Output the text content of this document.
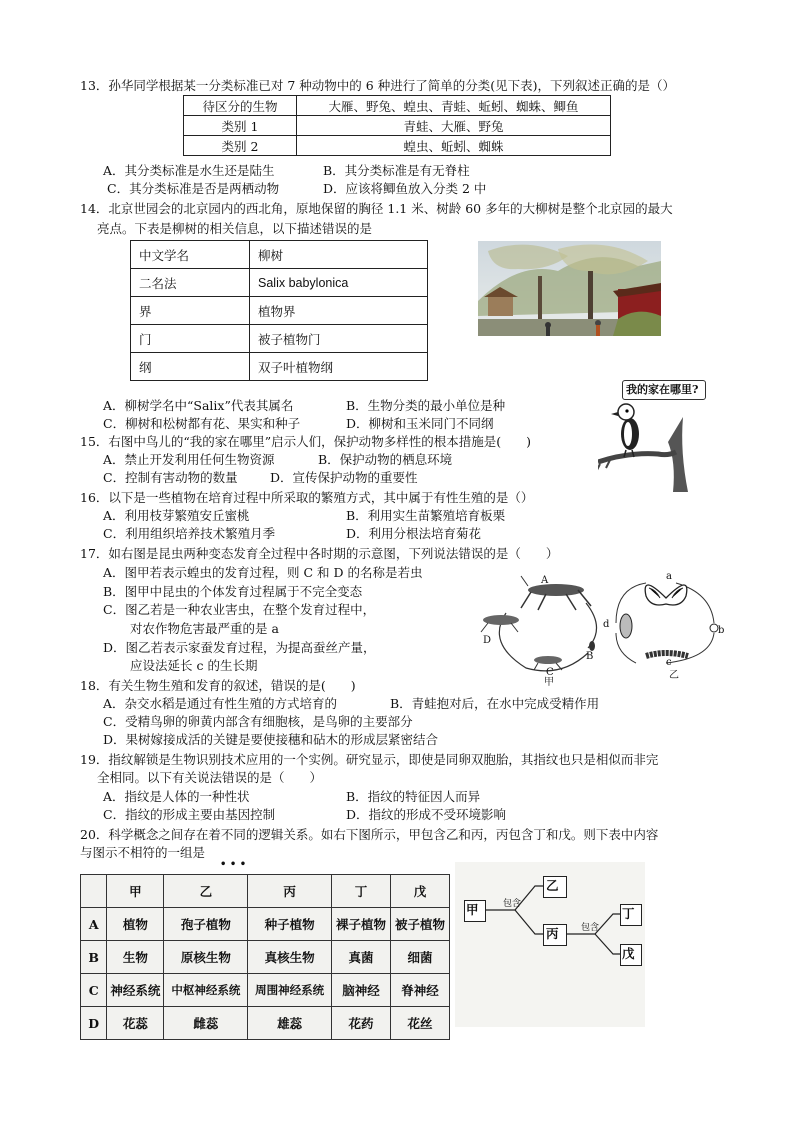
13．孙华同学根据某一分类标准已对 7 种动物中的 6 种进行了简单的分类(见下表)，下列叙述正确的是（）
待区分的生物	大雁、野兔、蝗虫、青蛙、蚯蚓、蜘蛛、鲫鱼
类别 1	青蛙、大雁、野兔
类别 2	蝗虫、蚯蚓、蜘蛛
A．其分类标准是水生还是陆生	B．其分类标准是有无脊柱
C．其分类标准是否是两栖动物	D．应该将鲫鱼放入分类 2 中
14．北京世园会的北京园内的西北角，原地保留的胸径 1.1 米、树龄 60 多年的大柳树是整个北京园的最大
亮点。下表是柳树的相关信息，以下描述错误的是
中文学名	柳树
二名法	Salix babylonica
界	植物界
门	被子植物门
纲	双子叶植物纲
A．柳树学名中“Salix”代表其属名	B．生物分类的最小单位是种
C．柳树和松树都有花、果实和种子	D．柳树和玉米同门不同纲
我的家在哪里?
15．右图中鸟儿的“我的家在哪里”启示人们，保护动物多样性的根本措施是(　　)
A．禁止开发利用任何生物资源	B．保护动物的栖息环境
C．控制有害动物的数量	D．宣传保护动物的重要性
16．以下是一些植物在培育过程中所采取的繁殖方式，其中属于有性生殖的是（）
A．利用枝芽繁殖安丘蜜桃	B．利用实生苗繁殖培育板栗
C．利用组织培养技术繁殖月季	D．利用分根法培育菊花
17．如右图是昆虫两种变态发育全过程中各时期的示意图，下列说法错误的是（　　）
A．图甲若表示蝗虫的发育过程，则 C 和 D 的名称是若虫
B．图甲中昆虫的个体发育过程属于不完全变态
C．图乙若是一种农业害虫，在整个发育过程中，
对农作物危害最严重的是 a
D．图乙若表示家蚕发育过程，为提高蚕丝产量，
应设法延长 c 的生长期
A
D
C
B
甲
a
b
c
d
乙
18．有关生物生殖和发育的叙述，错误的是(　　)
A．杂交水稻是通过有性生殖的方式培育的	B．青蛙抱对后，在水中完成受精作用
C．受精鸟卵的卵黄内部含有细胞核，是鸟卵的主要部分
D．果树嫁接成活的关键是要使接穗和砧木的形成层紧密结合
19．指纹解锁是生物识别技术应用的一个实例。研究显示，即使是同卵双胞胎，其指纹也只是相似而非完
全相同。以下有关说法错误的是（　　）
A．指纹是人体的一种性状	B．指纹的特征因人而异
C．指纹的形成主要由基因控制	D．指纹的形成不受环境影响
20．科学概念之间存在着不同的逻辑关系。如右下图所示，甲包含乙和丙，丙包含丁和戊。则下表中内容
与图示不相符的一组是
• • •
	甲	乙	丙	丁	戊
A	植物	孢子植物	种子植物	裸子植物	被子植物
B	生物	原核生物	真核生物	真菌	细菌
C	神经系统	中枢神经系统	周围神经系统	脑神经	脊神经
D	花蕊	雌蕊	雄蕊	花药	花丝
甲
乙
丙
丁
戊
包含
包含
